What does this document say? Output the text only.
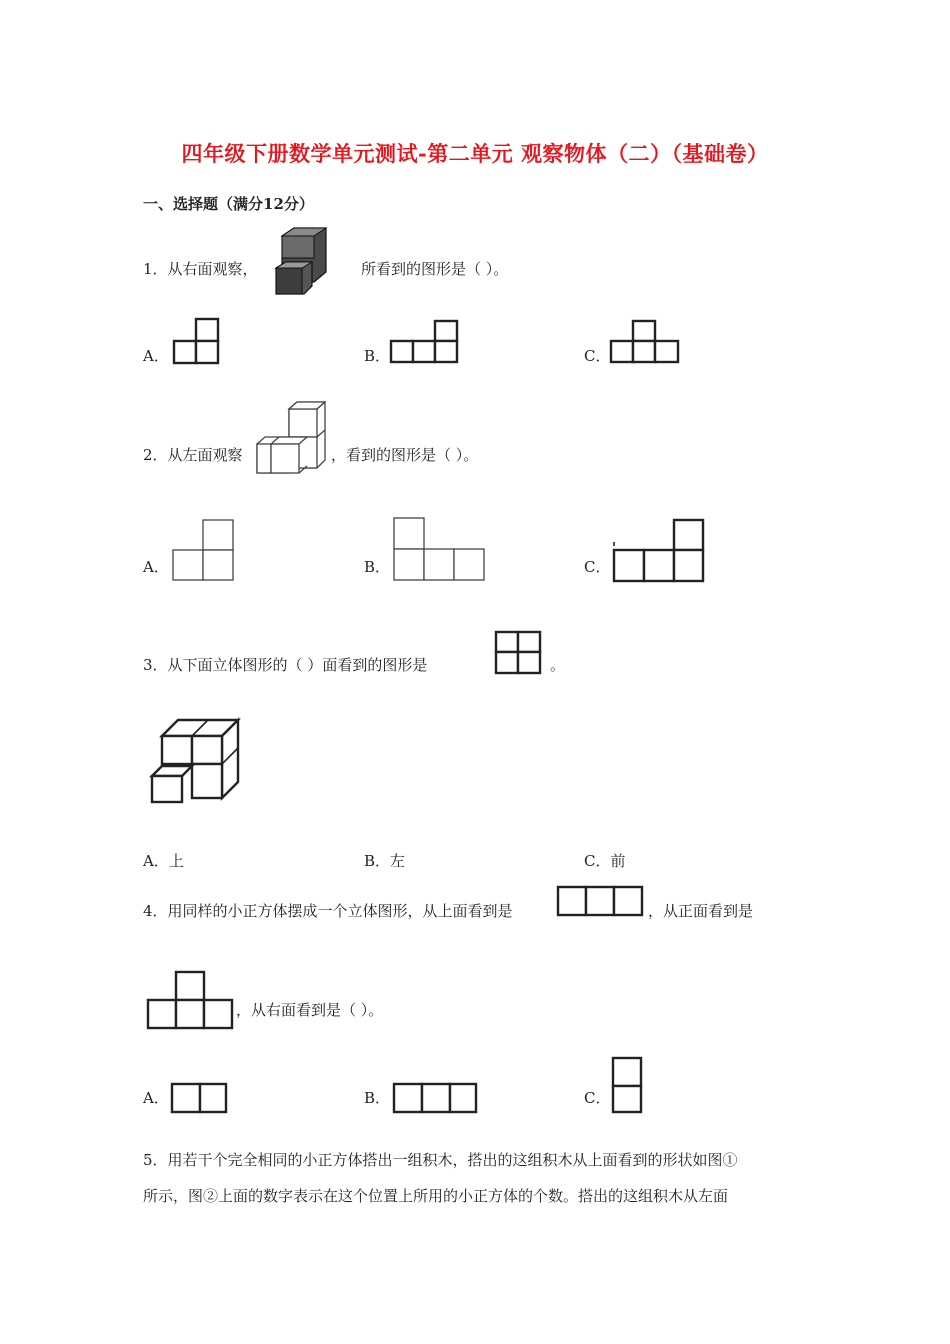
四年级下册数学单元测试-第二单元 观察物体（二）（基础卷）
一、选择题（满分12分）
1．从右面观察，	所看到的图形是（ ）。
A．	B．	C．
2．从左面观察	，看到的图形是（ ）。
A．	B．	C．
3．从下面立体图形的（ ）面看到的图形是	。
A．上	B．左	C．前
4．用同样的小正方体摆成一个立体图形，从上面看到是	，从正面看到是
，从右面看到是（ ）。
A．	B．	C．
5．用若干个完全相同的小正方体搭出一组积木，搭出的这组积木从上面看到的形状如图①
所示，图②上面的数字表示在这个位置上所用的小正方体的个数。搭出的这组积木从左面
